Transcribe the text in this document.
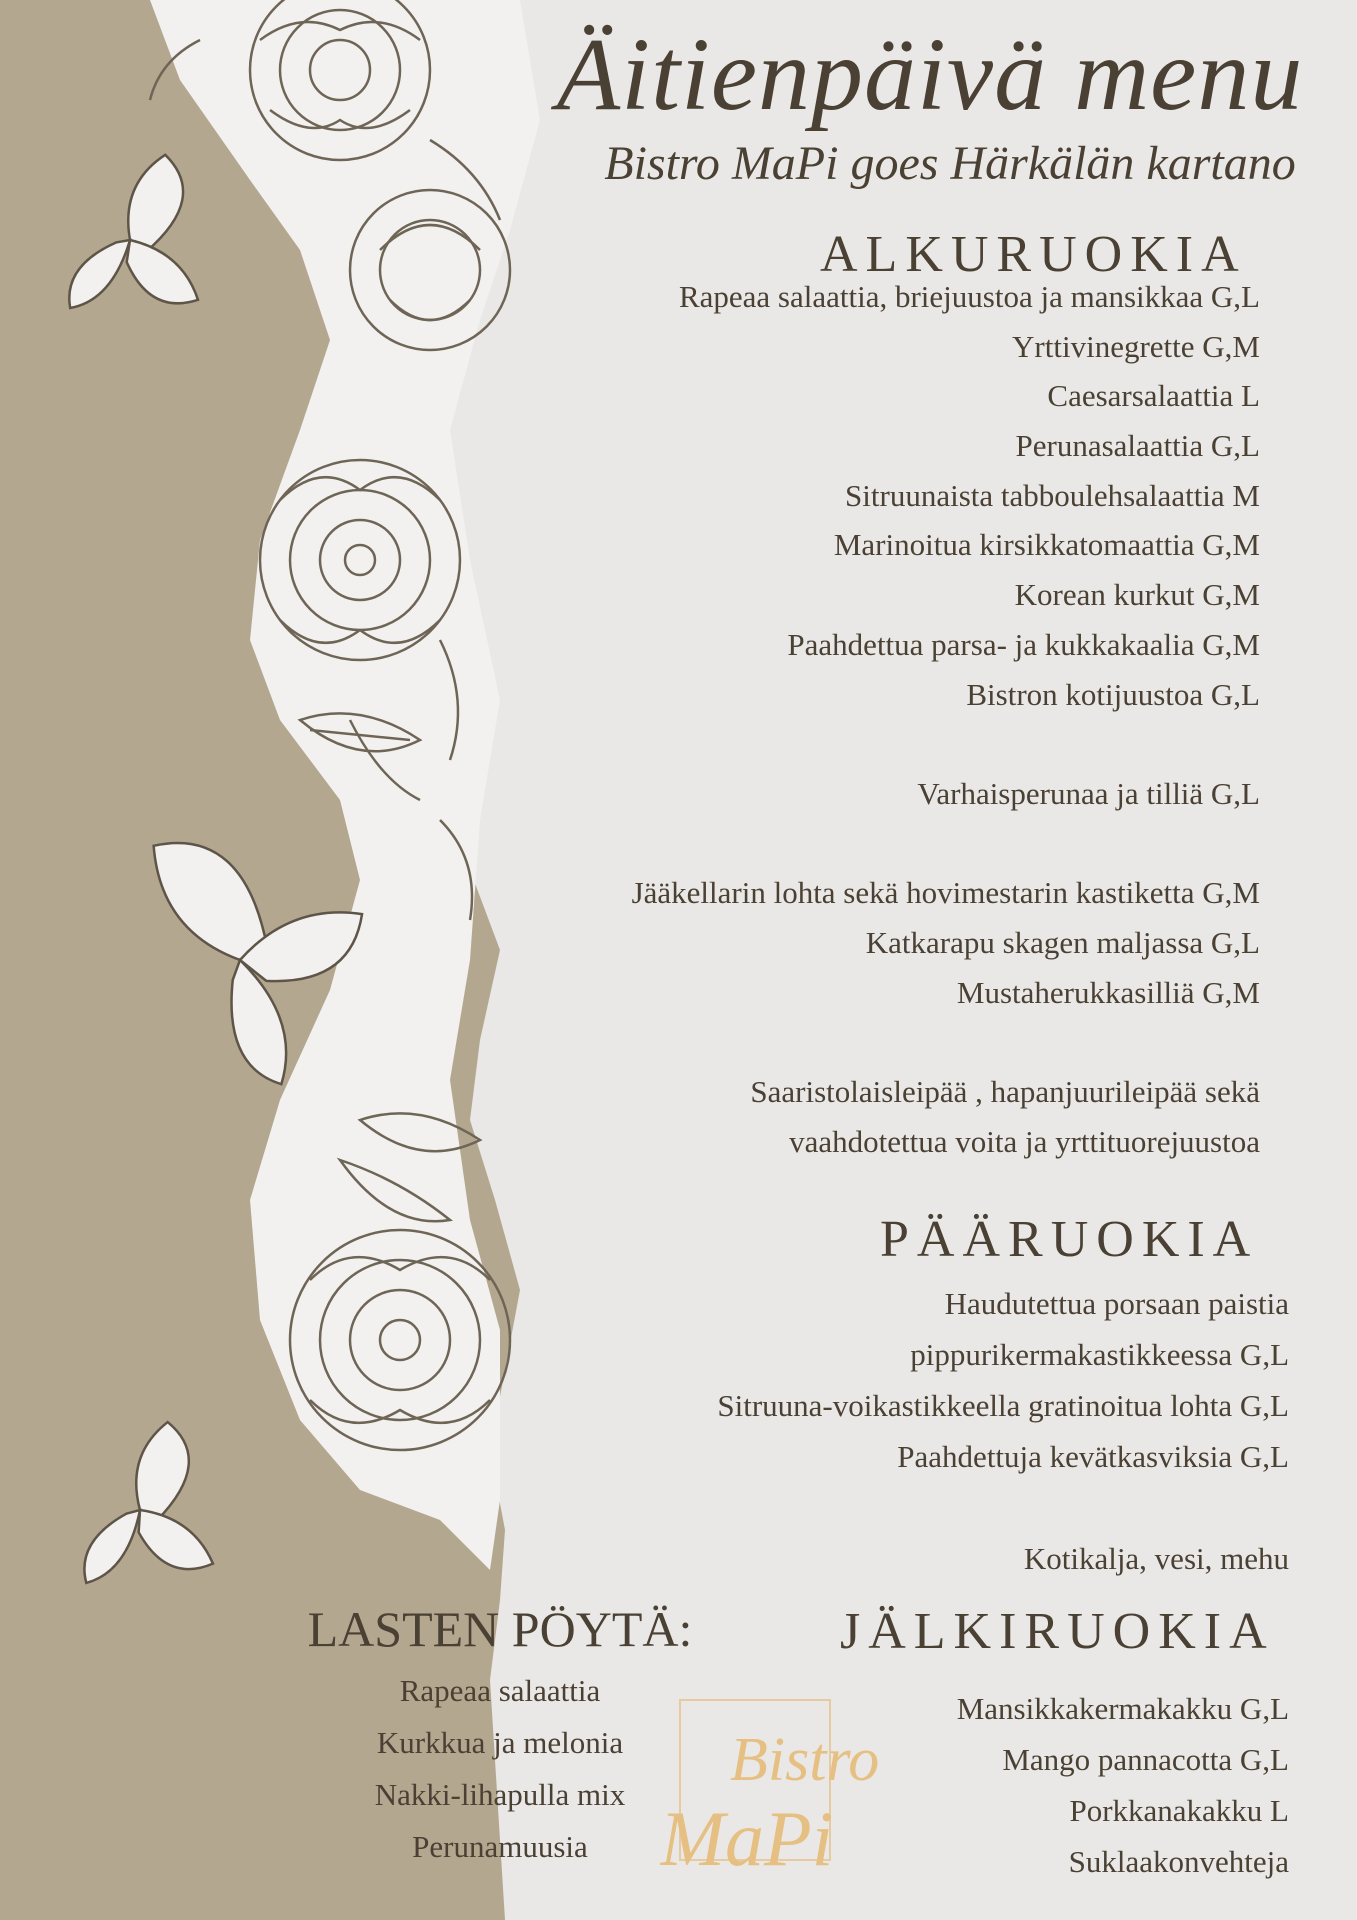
Äitienpäivä menu
Bistro MaPi goes Härkälän kartano
ALKURUOKIA
Rapeaa salaattia, briejuustoa ja mansikkaa G,L
Yrttivinegrette G,M
Caesarsalaattia L
Perunasalaattia G,L
Sitruunaista tabboulehsalaattia M
Marinoitua kirsikkatomaattia G,M
Korean kurkut G,M
Paahdettua parsa- ja kukkakaalia G,M
Bistron kotijuustoa G,L

Varhaisperunaa ja tilliä G,L

Jääkellarin lohta sekä hovimestarin kastiketta G,M
Katkarapu skagen maljassa G,L
Mustaherukkasilliä G,M

Saaristolaisleipää , hapanjuurileipää sekä
vaahdotettua voita ja yrttituorejuustoa
PÄÄRUOKIA
Haudutettua porsaan paistia
pippurikermakastikkeessa G,L
Sitruuna-voikastikkeella gratinoitua lohta G,L
Paahdettuja kevätkasviksia G,L

Kotikalja, vesi, mehu
JÄLKIRUOKIA
Mansikkakermakakku G,L
Mango pannacotta G,L
Porkkanakakku L
Suklaakonvehteja
LASTEN PÖYTÄ:
Rapeaa salaattia
Kurkkua ja melonia
Nakki-lihapulla mix
Perunamuusia
Bistro
MaPi
